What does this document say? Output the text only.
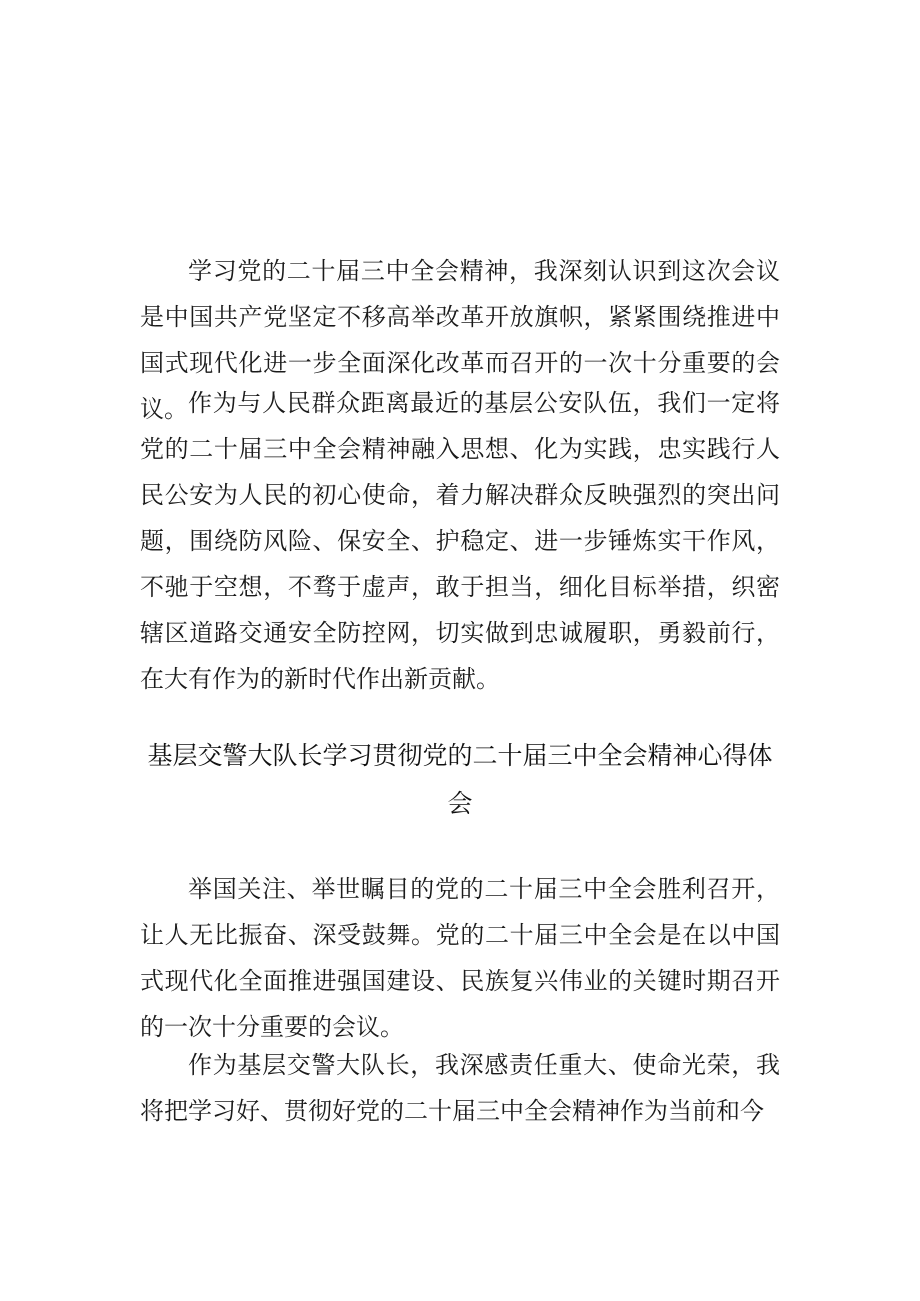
学习党的二十届三中全会精神，我深刻认识到这次会议是中国共产党坚定不移高举改革开放旗帜，紧紧围绕推进中国式现代化进一步全面深化改革而召开的一次十分重要的会议。 作为与人民群众距离最近的基层公安队伍，我们一定将党的二十届三中全会精神融入思想、化为实践，忠实践行人民公安为人民的初心使命，着力解决群众反映强烈的突出问题，围绕防风险、保安全、护稳定、进一步锤炼实干作风，不驰于空想，不骛于虚声，敢于担当，细化目标举措，织密辖区道路交通安全防控网，切实做到忠诚履职，勇毅前行，在大有作为的新时代作出新贡献。

基层交警大队长学习贯彻党的二十届三中全会精神心得体会

举国关注、举世瞩目的党的二十届三中全会胜利召开，让人无比振奋、深受鼓舞。党的二十届三中全会是在以中国式现代化全面推进强国建设、民族复兴伟业的关键时期召开的一次十分重要的会议。

作为基层交警大队长，我深感责任重大、使命光荣，我将把学习好、贯彻好党的二十届三中全会精神作为当前和今
